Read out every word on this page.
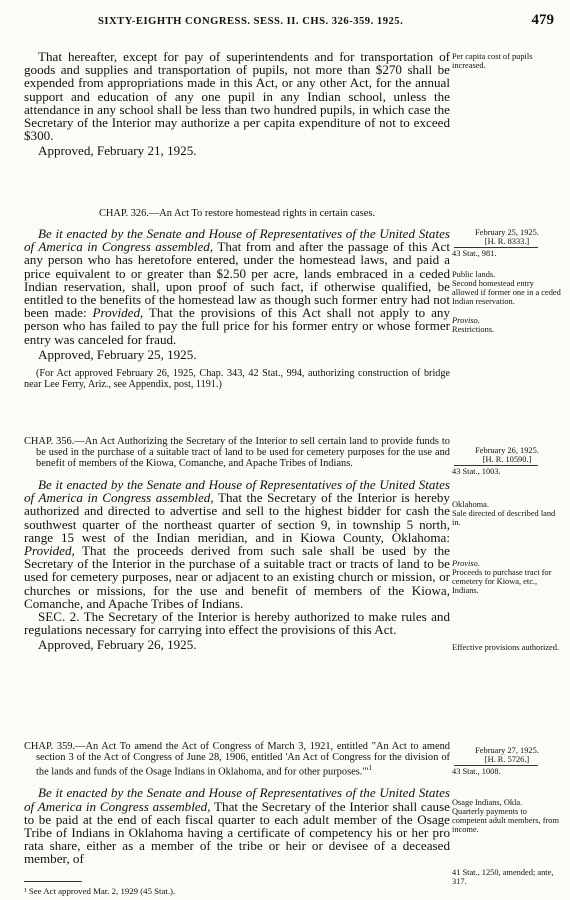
SIXTY-EIGHTH CONGRESS. SESS. II. CHS. 326-359. 1925.	479

That hereafter, except for pay of superintendents and for transportation of goods and supplies and transportation of pupils, not more than $270 shall be expended from appropriations made in this Act, or any other Act, for the annual support and education of any one pupil in any Indian school, unless the attendance in any school shall be less than two hundred pupils, in which case the Secretary of the Interior may authorize a per capita expenditure of not to exceed $300.

Approved, February 21, 1925.

Per capita cost of pupils increased.

CHAP. 326.—An Act To restore homestead rights in certain cases.

Be it enacted by the Senate and House of Representatives of the United States of America in Congress assembled, That from and after the passage of this Act any person who has heretofore entered, under the homestead laws, and paid a price equivalent to or greater than $2.50 per acre, lands embraced in a ceded Indian reservation, shall, upon proof of such fact, if otherwise qualified, be entitled to the benefits of the homestead law as though such former entry had not been made: Provided, That the provisions of this Act shall not apply to any person who has failed to pay the full price for his former entry or whose former entry was canceled for fraud.

Approved, February 25, 1925.

(For Act approved February 26, 1925, Chap. 343, 42 Stat., 994, authorizing construction of bridge near Lee Ferry, Ariz., see Appendix, post, 1191.)

February 25, 1925.

[H. R. 8333.]

43 Stat., 981.

Public lands.

Second homestead entry allowed if former one in a ceded Indian reservation.

Proviso.

Restrictions.

CHAP. 356.—An Act Authorizing the Secretary of the Interior to sell certain land to provide funds to be used in the purchase of a suitable tract of land to be used for cemetery purposes for the use and benefit of members of the Kiowa, Comanche, and Apache Tribes of Indians.

Be it enacted by the Senate and House of Representatives of the United States of America in Congress assembled, That the Secretary of the Interior is hereby authorized and directed to advertise and sell to the highest bidder for cash the southwest quarter of the northeast quarter of section 9, in township 5 north, range 15 west of the Indian meridian, and in Kiowa County, Oklahoma: Provided, That the proceeds derived from such sale shall be used by the Secretary of the Interior in the purchase of a suitable tract or tracts of land to be used for cemetery purposes, near or adjacent to an existing church or mission, or churches or missions, for the use and benefit of members of the Kiowa, Comanche, and Apache Tribes of Indians.

SEC. 2. The Secretary of the Interior is hereby authorized to make rules and regulations necessary for carrying into effect the provisions of this Act.

Approved, February 26, 1925.

February 26, 1925.

[H. R. 10590.]

43 Stat., 1003.

Oklahoma.

Sale directed of described land in.

Proviso.

Proceeds to purchase tract for cemetery for Kiowa, etc., Indians.

Effective provisions authorized.

CHAP. 359.—An Act To amend the Act of Congress of March 3, 1921, entitled "An Act to amend section 3 of the Act of Congress of June 28, 1906, entitled 'An Act of Congress for the division of the lands and funds of the Osage Indians in Oklahoma, and for other purposes.'"$^1$

Be it enacted by the Senate and House of Representatives of the United States of America in Congress assembled, That the Secretary of the Interior shall cause to be paid at the end of each fiscal quarter to each adult member of the Osage Tribe of Indians in Oklahoma having a certificate of competency his or her pro rata share, either as a member of the tribe or heir or devisee of a deceased member, of

February 27, 1925.

[H. R. 5726.]

43 Stat., 1008.

Osage Indians, Okla.

Quarterly payments to competent adult members, from income.

41 Stat., 1250, amended; ante, 317.

¹ See Act approved Mar. 2, 1929 (45 Stat.).
